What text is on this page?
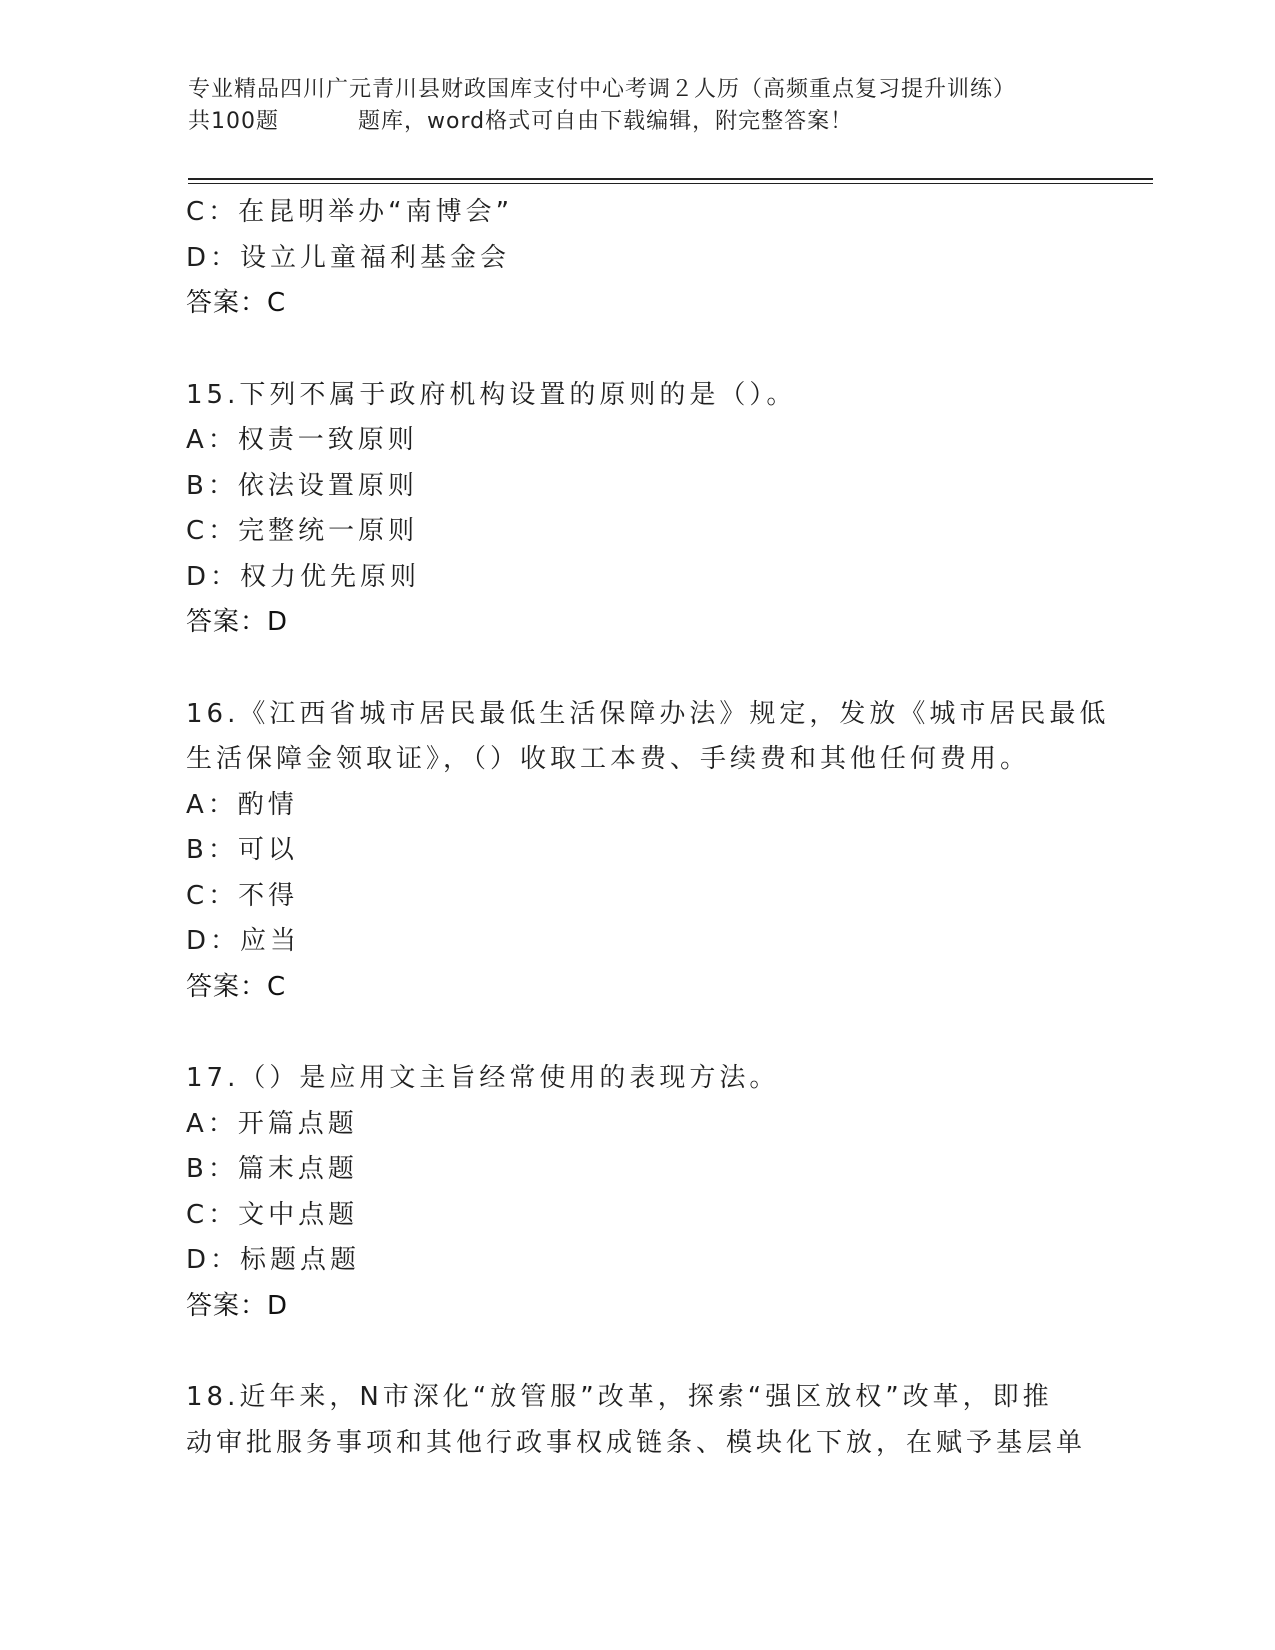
专业精品四川广元青川县财政国库支付中心考调２人历（高频重点复习提升训练）
共100题	题库，word格式可自由下载编辑，附完整答案！
C：在昆明举办“南博会”
D：设立儿童福利基金会
答案：C
15.下列不属于政府机构设置的原则的是（）。
A：权责一致原则
B：依法设置原则
C：完整统一原则
D：权力优先原则
答案：D
16.《江西省城市居民最低生活保障办法》规定，发放《城市居民最低
生活保障金领取证》，（）收取工本费、手续费和其他任何费用。
A：酌情
B：可以
C：不得
D：应当
答案：C
17.（）是应用文主旨经常使用的表现方法。
A：开篇点题
B：篇末点题
C：文中点题
D：标题点题
答案：D
18.近年来，N市深化“放管服”改革，探索“强区放权”改革，即推
动审批服务事项和其他行政事权成链条、模块化下放，在赋予基层单
